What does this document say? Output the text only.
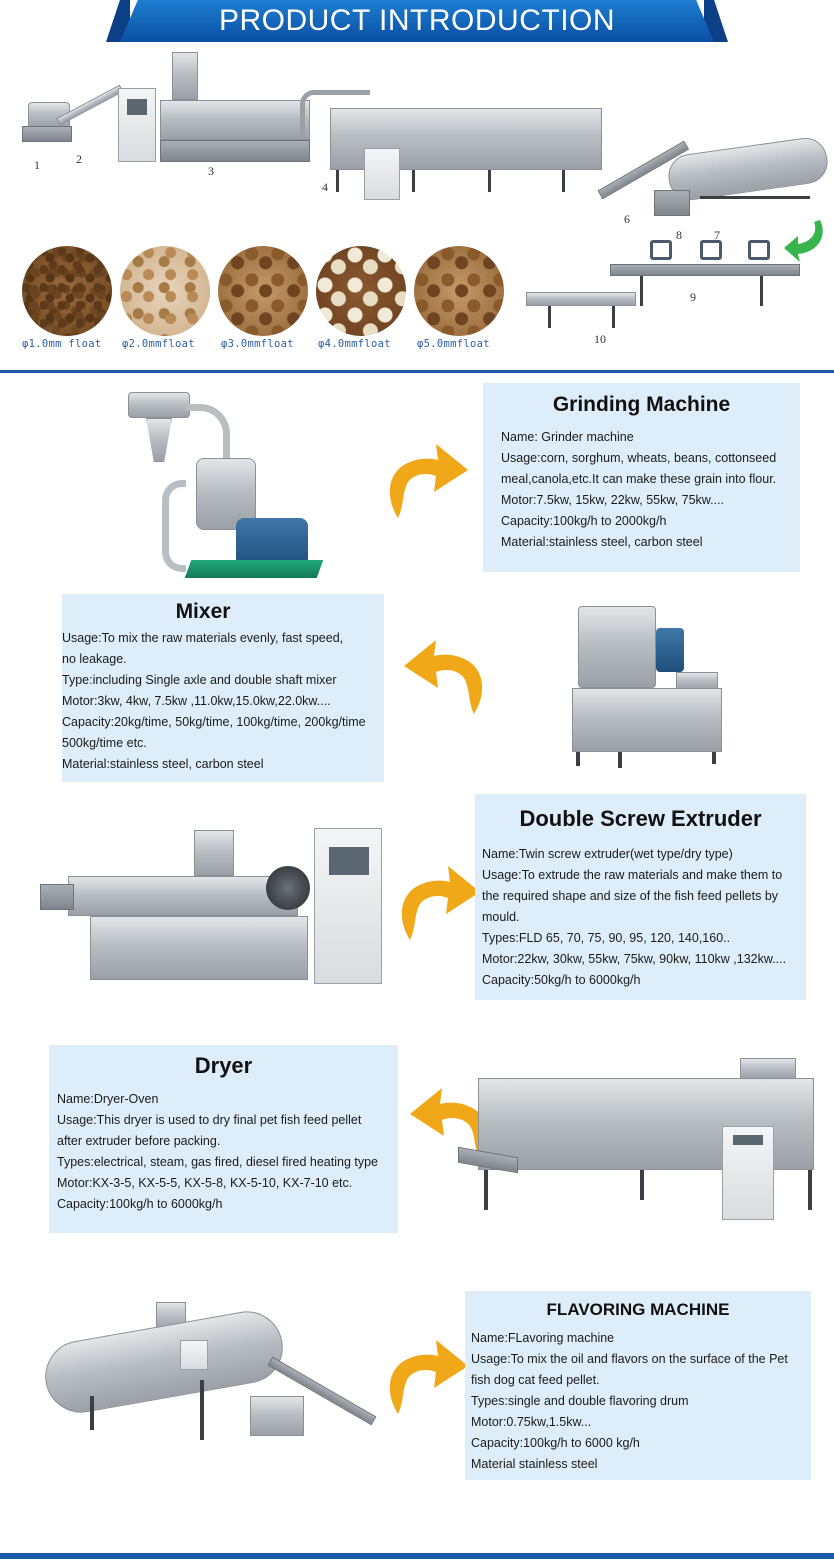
PRODUCT INTRODUCTION
1	2
3
4
6
8	7
9
10
φ1.0mm float φ2.0mmfloat φ3.0mmfloat φ4.0mmfloat φ5.0mmfloat
Grinding Machine
Name: Grinder machine
Usage:corn, sorghum, wheats, beans, cottonseed
meal,canola,etc.It can make these grain into flour.
Motor:7.5kw, 15kw, 22kw, 55kw, 75kw....
Capacity:100kg/h to 2000kg/h
Material:stainless steel, carbon steel
Mixer
Usage:To mix the raw materials evenly, fast speed,
no leakage.
Type:including Single axle and double shaft mixer
Motor:3kw, 4kw, 7.5kw ,11.0kw,15.0kw,22.0kw....
Capacity:20kg/time, 50kg/time, 100kg/time, 200kg/time
500kg/time etc.
Material:stainless steel, carbon steel
Double Screw Extruder
Name:Twin screw extruder(wet type/dry type)
Usage:To extrude the raw materials and make them to
the required shape and size of the fish feed pellets by
mould.
Types:FLD 65, 70, 75, 90, 95, 120, 140,160..
Motor:22kw, 30kw, 55kw, 75kw, 90kw, 110kw ,132kw....
Capacity:50kg/h to 6000kg/h
Dryer
Name:Dryer-Oven
Usage:This dryer is used to dry final pet fish feed pellet
after extruder before packing.
Types:electrical, steam, gas fired, diesel fired heating type
Motor:KX-3-5, KX-5-5, KX-5-8, KX-5-10, KX-7-10 etc.
Capacity:100kg/h to 6000kg/h
FLAVORING MACHINE
Name:FLavoring machine
Usage:To mix the oil and flavors on the surface of the Pet
fish dog cat feed pellet.
Types:single and double flavoring drum
Motor:0.75kw,1.5kw...
Capacity:100kg/h to 6000 kg/h
Material stainless steel
